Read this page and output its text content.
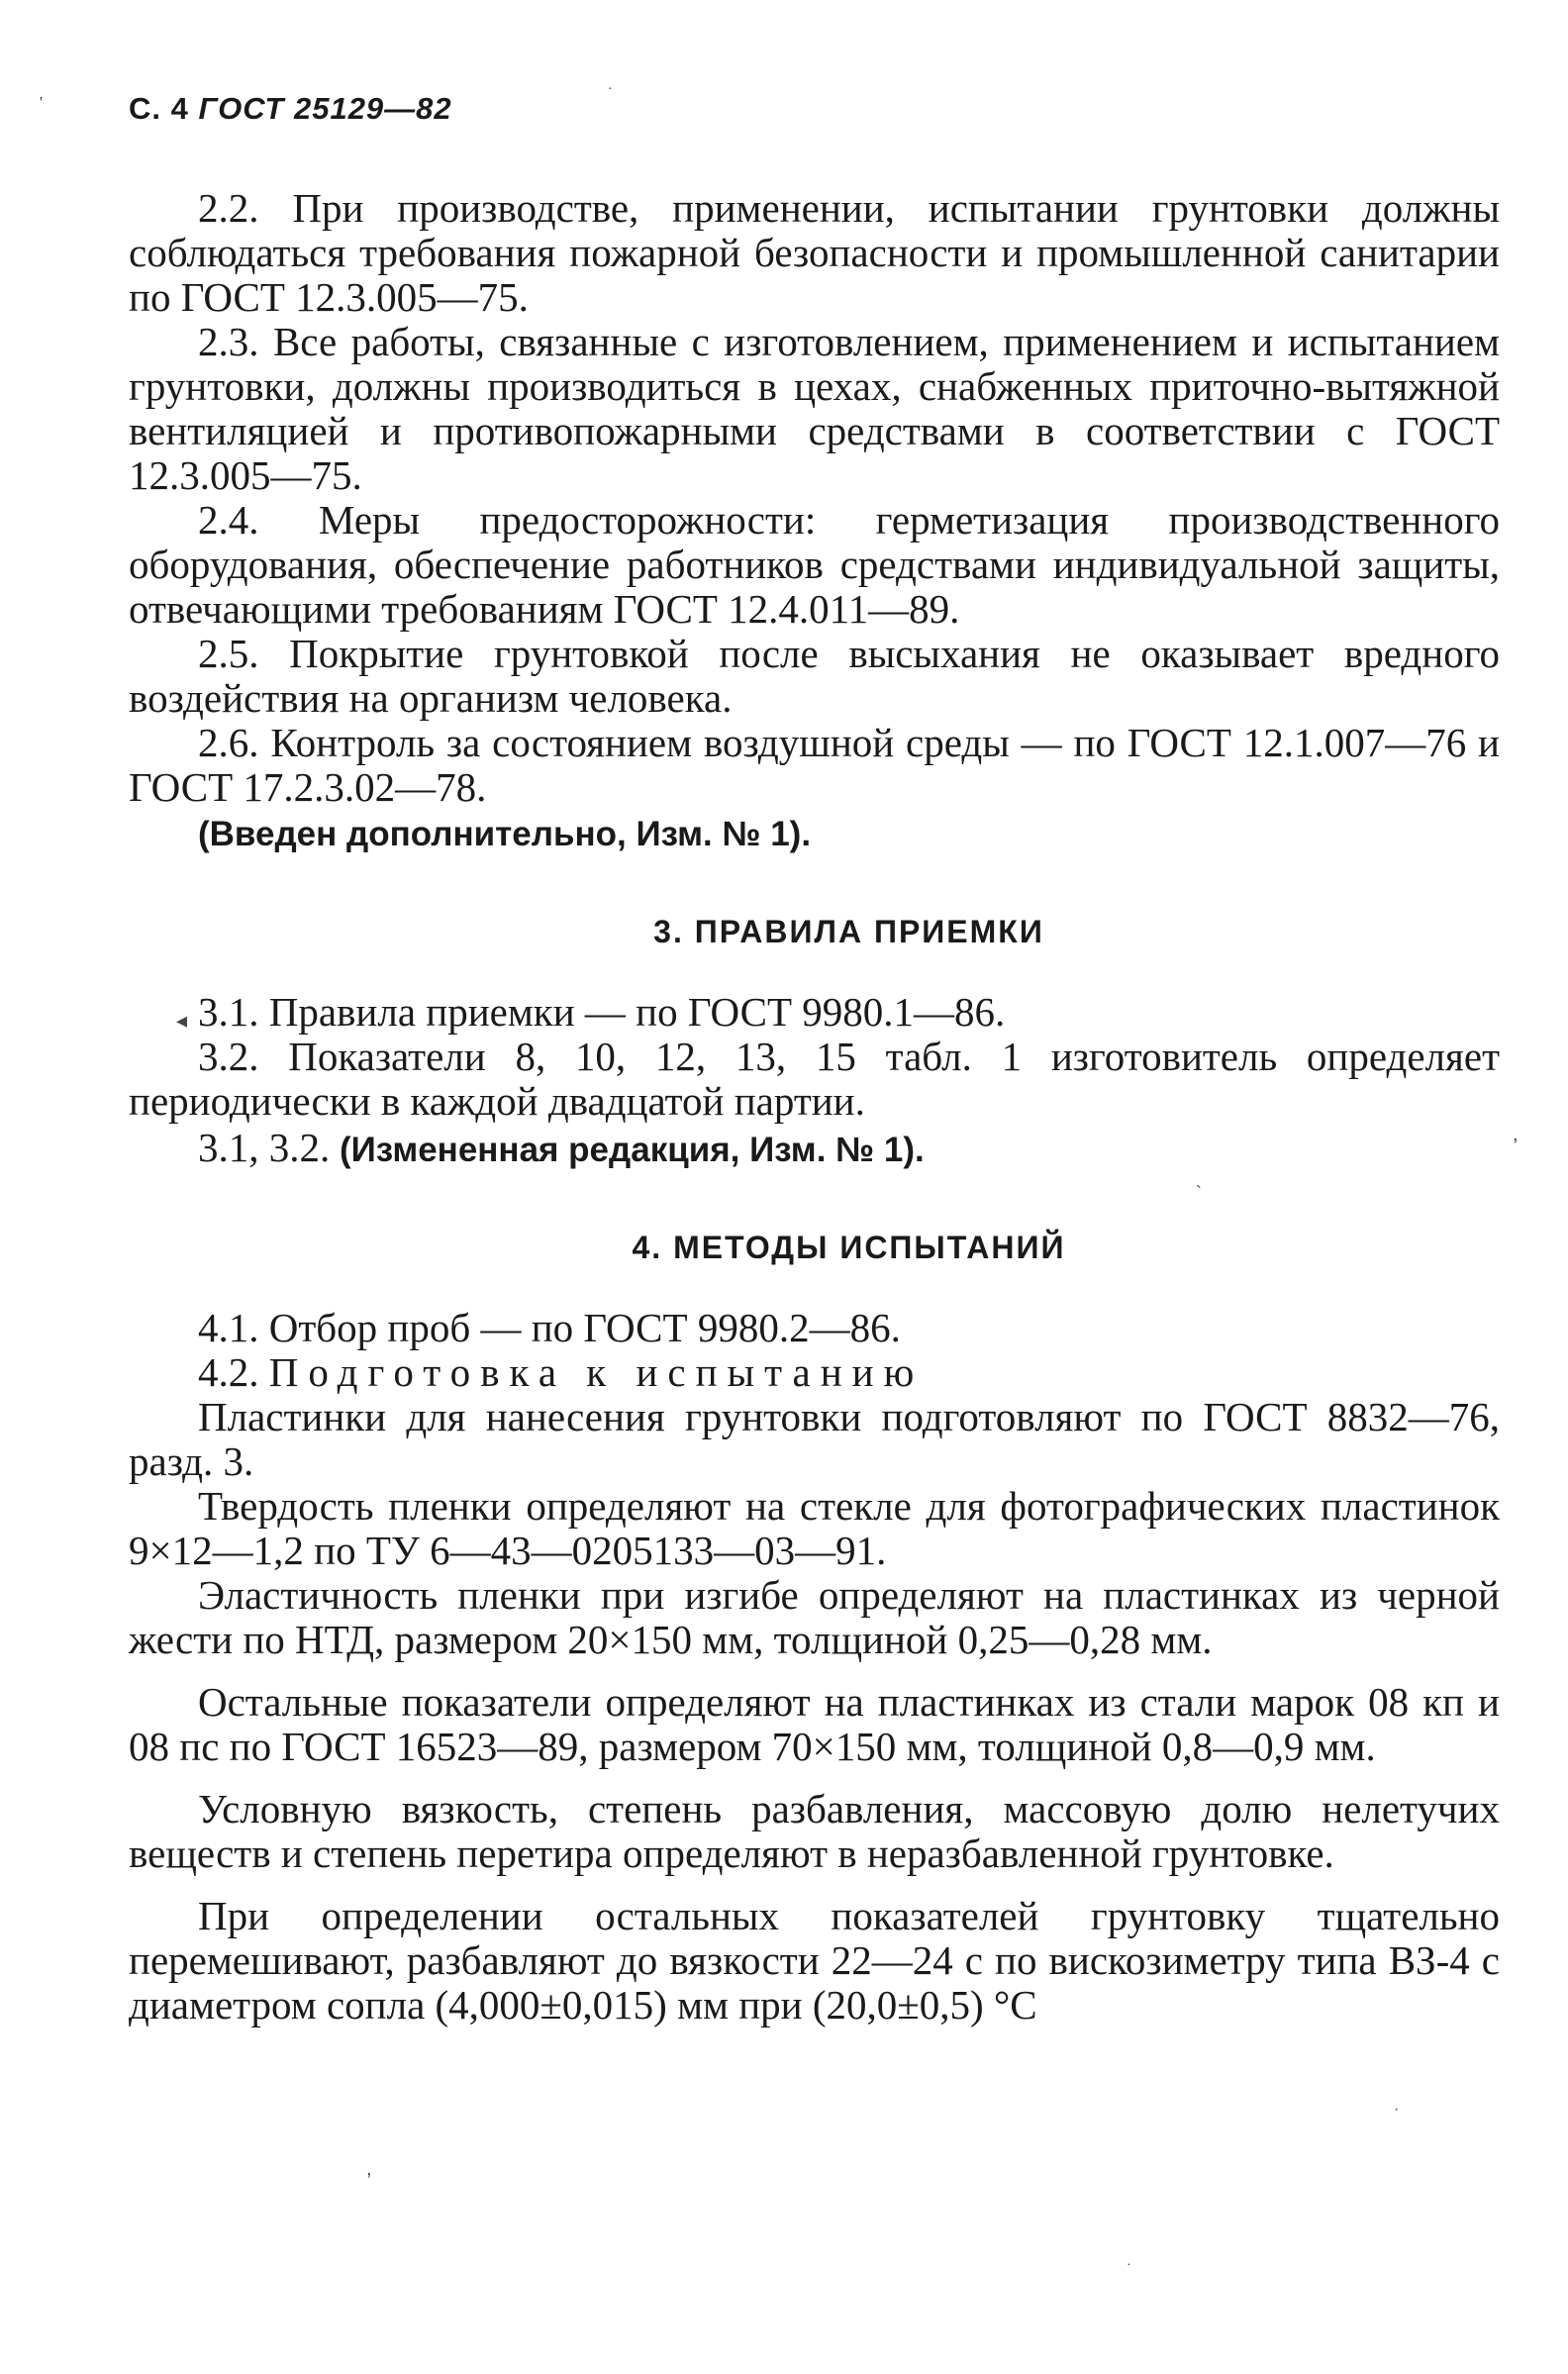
С. 4 ГОСТ 25129—82

2.2. При производстве, применении, испытании грунтовки должны соблюдаться требования пожарной безопасности и промышленной санитарии по ГОСТ 12.3.005—75.

2.3. Все работы, связанные с изготовлением, применением и испытанием грунтовки, должны производиться в цехах, снабженных приточно-вытяжной вентиляцией и противопожарными средствами в соответствии с ГОСТ 12.3.005—75.

2.4. Меры предосторожности: герметизация производственного оборудования, обеспечение работников средствами индивидуальной защиты, отвечающими требованиям ГОСТ 12.4.011—89.

2.5. Покрытие грунтовкой после высыхания не оказывает вредного воздействия на организм человека.

2.6. Контроль за состоянием воздушной среды — по ГОСТ 12.1.007—76 и ГОСТ 17.2.3.02—78.

(Введен дополнительно, Изм. № 1).

3. ПРАВИЛА ПРИЕМКИ

3.1. Правила приемки — по ГОСТ 9980.1—86.

3.2. Показатели 8, 10, 12, 13, 15 табл. 1 изготовитель определяет периодически в каждой двадцатой партии.

3.1, 3.2. (Измененная редакция, Изм. № 1).

4. МЕТОДЫ ИСПЫТАНИЙ

4.1. Отбор проб — по ГОСТ 9980.2—86.

4.2. Подготовка к испытанию

Пластинки для нанесения грунтовки подготовляют по ГОСТ 8832—76, разд. 3.

Твердость пленки определяют на стекле для фотографических пластинок 9×12—1,2 по ТУ 6—43—0205133—03—91.

Эластичность пленки при изгибе определяют на пластинках из черной жести по НТД, размером 20×150 мм, толщиной 0,25—0,28 мм.

Остальные показатели определяют на пластинках из стали марок 08 кп и 08 пс по ГОСТ 16523—89, размером 70×150 мм, толщиной 0,8—0,9 мм.

Условную вязкость, степень разбавления, массовую долю нелетучих веществ и степень перетира определяют в неразбавленной грунтовке.

При определении остальных показателей грунтовку тщательно перемешивают, разбавляют до вязкости 22—24 с по вискозиметру типа ВЗ-4 с диаметром сопла (4,000±0,015) мм при (20,0±0,5) °С

·
'
,
◂
`
,
·
·
